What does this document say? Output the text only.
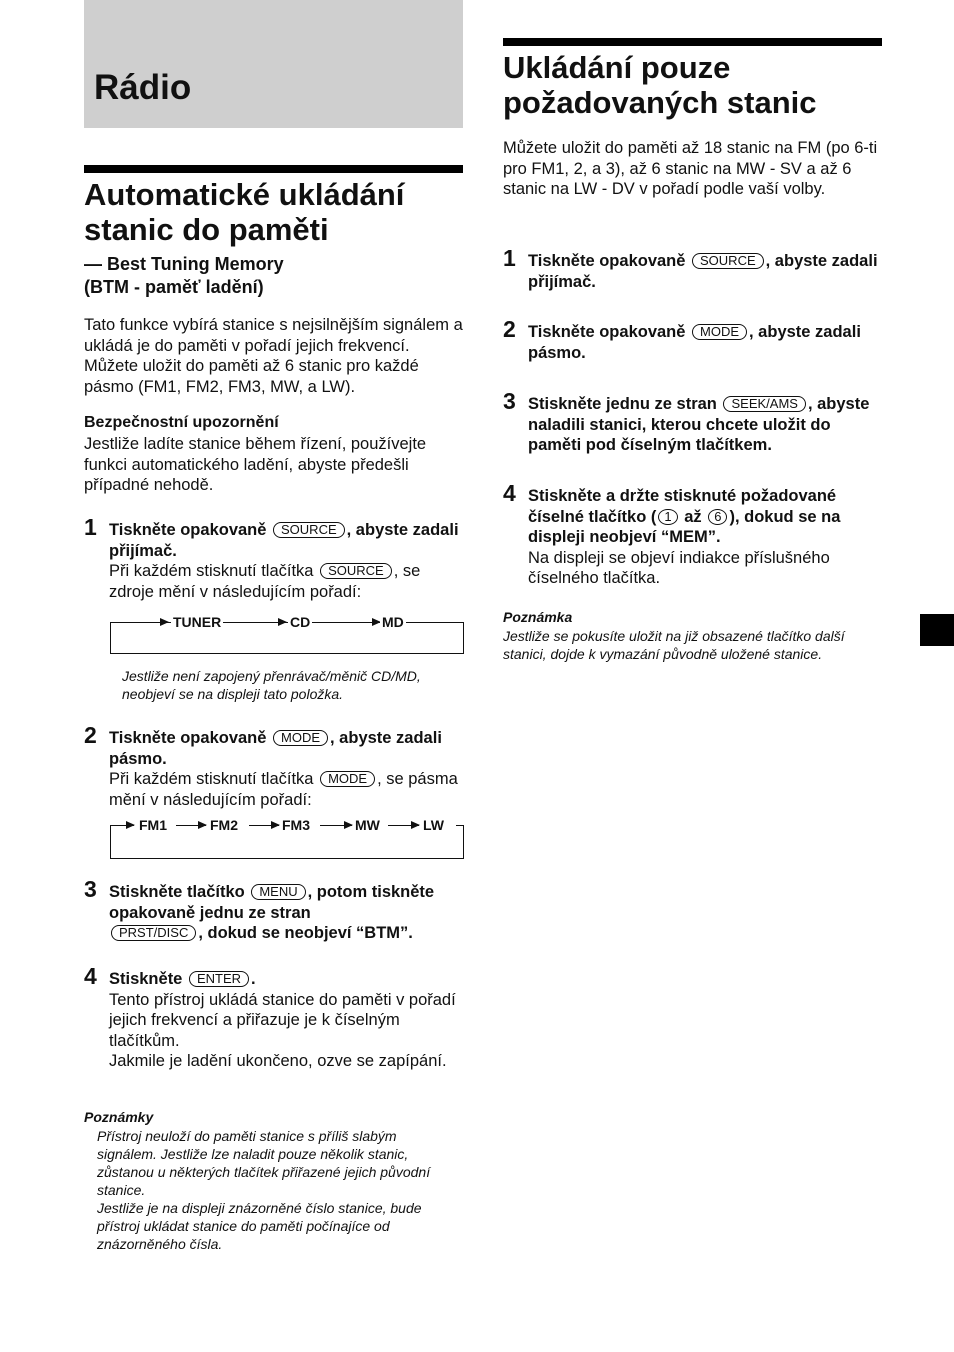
Rádio
Automatické ukládání
stanic do paměti
— Best Tuning Memory
(BTM - paměť ladění)

Tato funkce vybírá stanice s nejsilnějším signálem a ukládá je do paměti v pořadí jejich frekvencí. Můžete uložit do paměti až 6 stanic pro každé pásmo (FM1, FM2, FM3, MW, a LW).

Bezpečnostní upozornění

Jestliže ladíte stanice během řízení, používejte funkci automatického ladění, abyste předešli případné nehodě.

1 Tiskněte opakovaně SOURCE , abyste zadali přijímač.
Při každém stisknutí tlačítka SOURCE , se zdroje mění v následujícím pořadí:
TUNER	CD	MD
Jestliže není zapojený přenrávač/měnič CD/MD, neobjeví se na displeji tato položka.
2 Tiskněte opakovaně MODE , abyste zadali pásmo.
Při každém stisknutí tlačítka MODE , se pásma mění v následujícím pořadí:
FM1	FM2	FM3	MW	LW
3 Stiskněte tlačítko MENU , potom tiskněte opakovaně jednu ze stran
PRST/DISC , dokud se neobjeví “BTM”.
4 Stiskněte ENTER .
Tento přístroj ukládá stanice do paměti v pořadí jejich frekvencí a přiřazuje je k číselným tlačítkům.
Jakmile je ladění ukončeno, ozve se zapípání.
Poznámky
Přístroj neuloží do paměti stanice s příliš slabým signálem. Jestliže lze naladit pouze několik stanic, zůstanou u některých tlačítek přiřazené jejich původní stanice.
Jestliže je na displeji znázorněné číslo stanice, bude přístroj ukládat stanice do paměti počínajíce od znázorněného čísla.
Ukládání pouze
požadovaných stanic

Můžete uložit do paměti až 18 stanic na FM (po 6-ti pro FM1, 2, a 3), až 6 stanic na MW - SV a až 6 stanic na LW - DV v pořadí podle vaší volby.

1 Tiskněte opakovaně SOURCE , abyste zadali přijímač.
2 Tiskněte opakovaně MODE , abyste zadali pásmo.
3 Stiskněte jednu ze stran SEEK/AMS , abyste naladili stanici, kterou chcete uložit do paměti pod číselným tlačítkem.
4 Stiskněte a držte stisknuté požadované číselné tlačítko ( 1 až 6 ), dokud se na displeji neobjeví “MEM”.
Na displeji se objeví indiakce příslušného číselného tlačítka.
Poznámka
Jestliže se pokusíte uložit na již obsazené tlačítko další stanici, dojde k vymazání původně uložené stanice.
